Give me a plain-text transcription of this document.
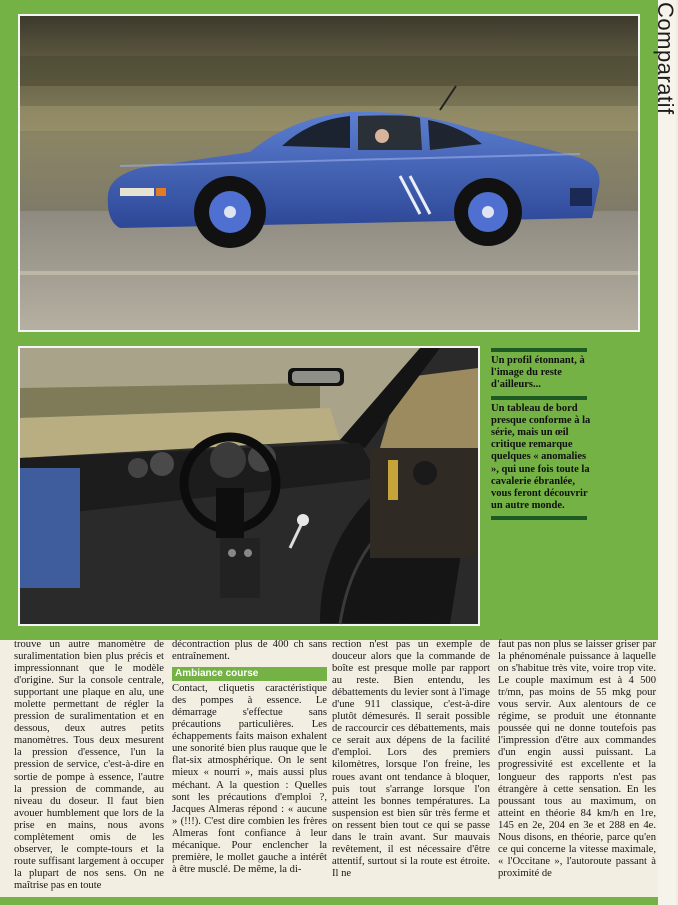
Comparatif

Un profil étonnant, à l'image du reste d'ailleurs...

Un tableau de bord presque conforme à la série, mais un œil critique remarque quelques « anomalies », qui une fois toute la cavalerie ébranlée, vous feront découvrir un autre monde.

trouve un autre manomètre de suralimentation bien plus précis et impressionnant que le modèle d'origine. Sur la console centrale, supportant une plaque en alu, une molette permettant de régler la pression de suralimentation et en dessous, deux autres petits manomètres. Tous deux mesurent la pression d'essence, l'un la pression de service, c'est-à-dire en sortie de pompe à essence, l'autre la pression de commande, au niveau du doseur. Il faut bien avouer humblement que lors de la prise en mains, nous avons complètement omis de les observer, le compte-tours et la route suffisant largement à occuper la plupart de nos sens. On ne maîtrise pas en toute

décontraction plus de 400 ch sans entraînement.

Ambiance course

Contact, cliquetis caractéristique des pompes à essence. Le démarrage s'effectue sans précautions particulières. Les échappements faits maison exhalent une sonorité bien plus rauque que le flat-six atmosphérique. On le sent mieux « nourri », mais aussi plus méchant. A la question : Quelles sont les précautions d'emploi ?, Jacques Almeras répond : « aucune » (!!!). C'est dire combien les frères Almeras font confiance à leur mécanique. Pour enclencher la première, le mollet gauche a intérêt à être musclé. De même, la di-

rection n'est pas un exemple de douceur alors que la commande de boîte est presque molle par rapport au reste. Bien entendu, les débattements du levier sont à l'image d'une 911 classique, c'est-à-dire plutôt démesurés. Il serait possible de raccourcir ces débattements, mais ce serait aux dépens de la facilité d'emploi. Lors des premiers kilomètres, lorsque l'on freine, les roues avant ont tendance à bloquer, puis tout s'arrange lorsque l'on atteint les bonnes températures. La suspension est bien sûr très ferme et on ressent bien tout ce qui se passe dans le train avant. Sur mauvais revêtement, il est nécessaire d'être attentif, surtout si la route est étroite. Il ne

faut pas non plus se laisser griser par la phénoménale puissance à laquelle on s'habitue très vite, voire trop vite. Le couple maximum est à 4 500 tr/mn, pas moins de 55 mkg pour vous servir. Aux alentours de ce régime, se produit une étonnante poussée qui ne donne toutefois pas l'impression d'être aux commandes d'un engin aussi puissant. La progressivité est excellente et la longueur des rapports n'est pas étrangère à cette sensation. En les poussant tous au maximum, on atteint en théorie 84 km/h en 1re, 145 en 2e, 204 en 3e et 288 en 4e. Nous disons, en théorie, parce qu'en ce qui concerne la vitesse maximale, « l'Occitane », l'autoroute passant à proximité de
